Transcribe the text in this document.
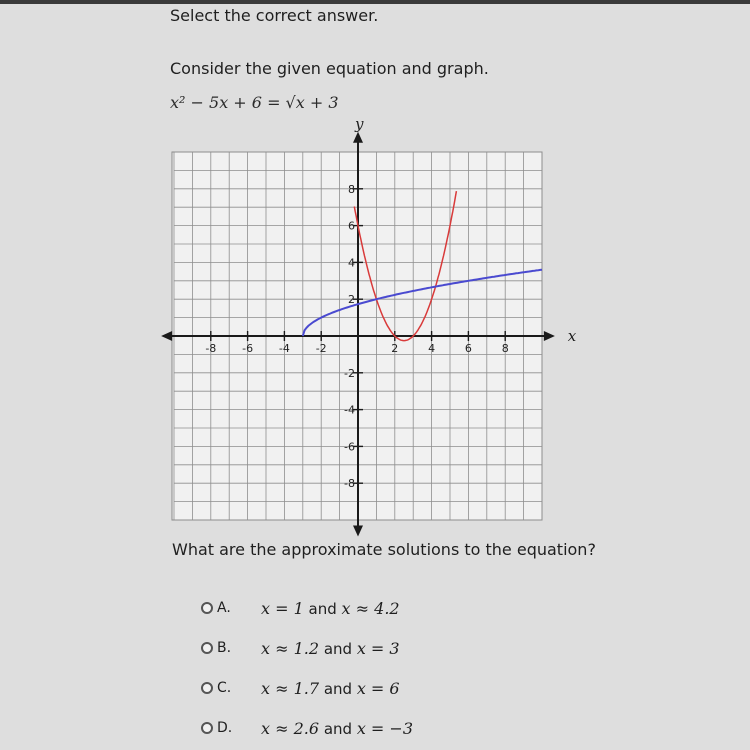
Select the correct answer.
Consider the given equation and graph.
x² − 5x + 6 = √x + 3
-8 -6 -4 -2	2	4	6	8
8
6
4
2
-2
-4
-6
-8
x
y
What are the approximate solutions to the equation?
A.	x = 1 and x ≈ 4.2
B.	x ≈ 1.2 and x = 3
C.	x ≈ 1.7 and x = 6
D.	x ≈ 2.6 and x = −3
